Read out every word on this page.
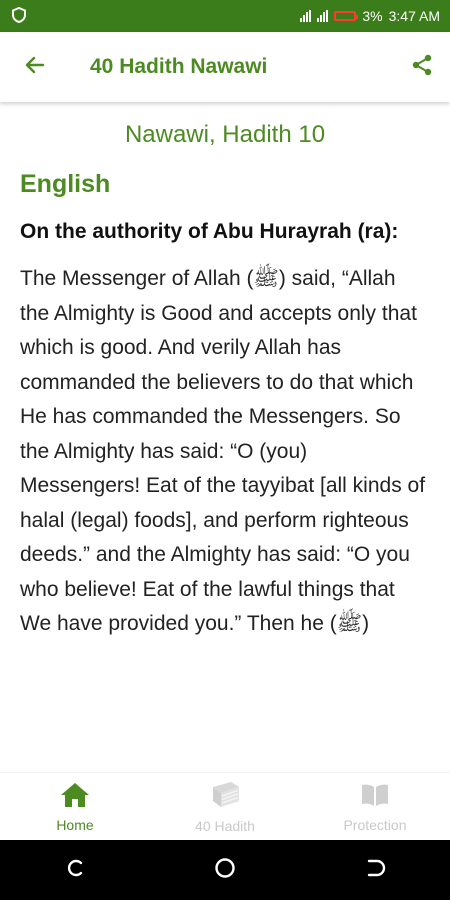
3% 3:47 AM
40 Hadith Nawawi
Nawawi, Hadith 10
English
On the authority of Abu Hurayrah (ra):
The Messenger of Allah (ﷺ) said, “Allah the Almighty is Good and accepts only that which is good. And verily Allah has commanded the believers to do that which He has commanded the Messengers. So the Almighty has said: “O (you) Messengers! Eat of the tayyibat [all kinds of halal (legal) foods], and perform righteous deeds.” and the Almighty has said: “O you who believe! Eat of the lawful things that We have provided you.” Then he (ﷺ)
Home	40 Hadith	Protection
